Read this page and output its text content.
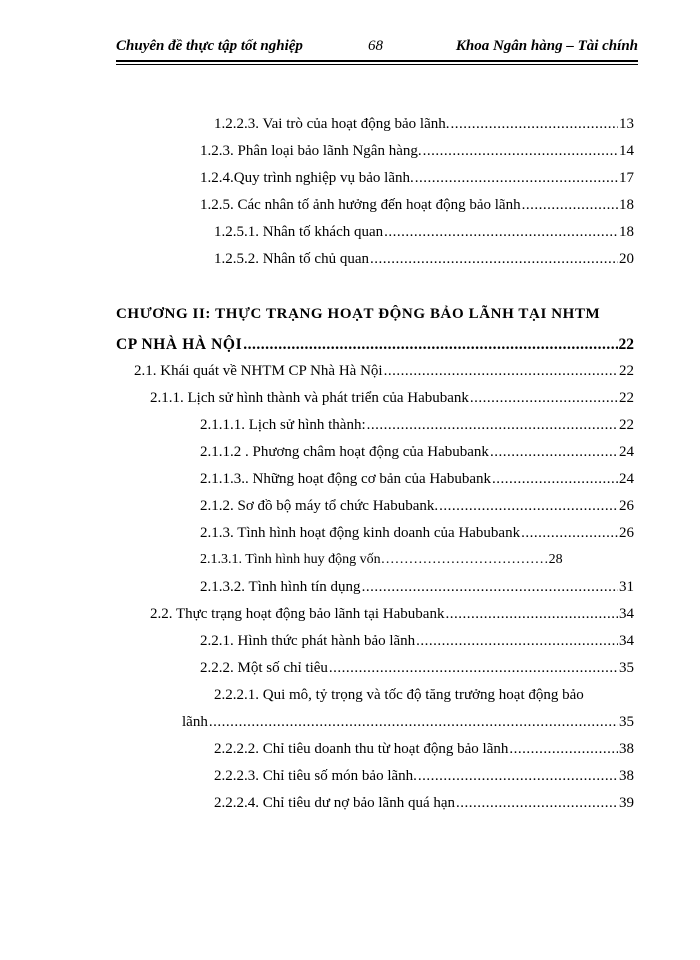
Chuyên đề thực tập tốt nghiệp	68	Khoa Ngân hàng – Tài chính
1.2.2.3. Vai trò của hoạt động bảo lãnh. .....	13
1.2.3. Phân loại bảo lãnh Ngân hàng. .....	14
1.2.4.Quy trình nghiệp vụ bảo lãnh. .....	17
1.2.5. Các nhân tố ảnh hưởng đến hoạt động bảo lãnh .....	18
1.2.5.1. Nhân tố khách quan .....	18
1.2.5.2. Nhân tố chủ quan .....	20
CHƯƠNG II: THỰC TRẠNG HOẠT ĐỘNG BẢO LÃNH TẠI NHTM
CP NHÀ HÀ NỘI .....	22
2.1. Khái quát về NHTM CP Nhà Hà Nội .....	22
2.1.1. Lịch sử hình thành và phát triển của Habubank .....	22
2.1.1.1. Lịch sử hình thành: .....	22
2.1.1.2 . Phương châm hoạt động của Habubank .....	24
2.1.1.3.. Những hoạt động cơ bản của Habubank .....	24
2.1.2. Sơ đồ bộ máy tổ chức Habubank. .....	26
2.1.3. Tình hình hoạt động kinh doanh của Habubank .....	26
2.1.3.1. Tình hình huy động vốn………………………………28
2.1.3.2. Tình hình tín dụng .....	31
2.2. Thực trạng hoạt động bảo lãnh tại Habubank .....	34
2.2.1. Hình thức phát hành bảo lãnh .....	34
2.2.2. Một số chỉ tiêu .....	35
2.2.2.1. Qui mô, tỷ trọng và tốc độ tăng trưởng hoạt động bảo
lãnh .....	35
2.2.2.2. Chỉ tiêu doanh thu từ hoạt động bảo lãnh .....	38
2.2.2.3. Chỉ tiêu số món bảo lãnh. .....	38
2.2.2.4. Chỉ tiêu dư nợ bảo lãnh quá hạn .....	39
